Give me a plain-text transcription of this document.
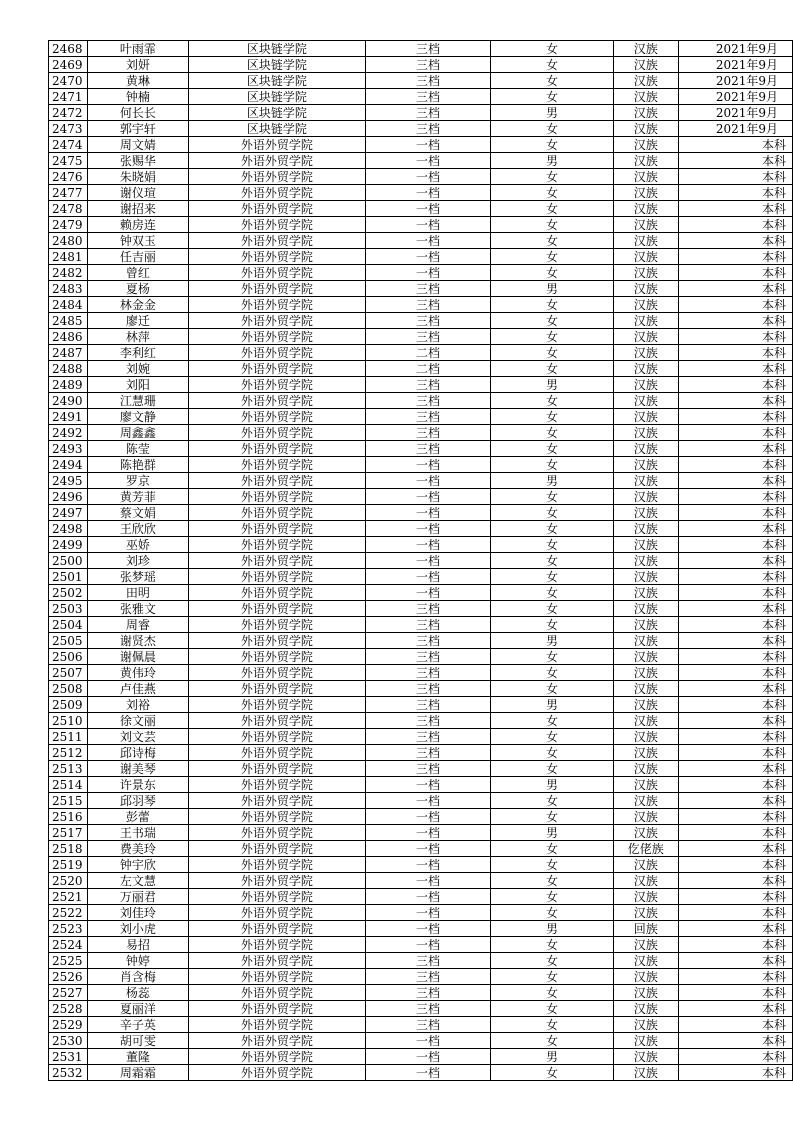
2468	叶雨霏	区块链学院	三档	女	汉族	2021年9月
2469	刘妍	区块链学院	三档	女	汉族	2021年9月
2470	黄琳	区块链学院	三档	女	汉族	2021年9月
2471	钟楠	区块链学院	三档	女	汉族	2021年9月
2472	何长长	区块链学院	三档	男	汉族	2021年9月
2473	郭宇轩	区块链学院	三档	女	汉族	2021年9月
2474	周文婧	外语外贸学院	一档	女	汉族	本科
2475	张赐华	外语外贸学院	一档	男	汉族	本科
2476	朱晓娟	外语外贸学院	一档	女	汉族	本科
2477	谢仪瑄	外语外贸学院	一档	女	汉族	本科
2478	谢招来	外语外贸学院	一档	女	汉族	本科
2479	赖房连	外语外贸学院	一档	女	汉族	本科
2480	钟双玉	外语外贸学院	一档	女	汉族	本科
2481	任吉丽	外语外贸学院	一档	女	汉族	本科
2482	曾红	外语外贸学院	一档	女	汉族	本科
2483	夏杨	外语外贸学院	三档	男	汉族	本科
2484	林金金	外语外贸学院	三档	女	汉族	本科
2485	廖迁	外语外贸学院	三档	女	汉族	本科
2486	林萍	外语外贸学院	三档	女	汉族	本科
2487	李利红	外语外贸学院	二档	女	汉族	本科
2488	刘婉	外语外贸学院	二档	女	汉族	本科
2489	刘阳	外语外贸学院	三档	男	汉族	本科
2490	江慧珊	外语外贸学院	三档	女	汉族	本科
2491	廖文静	外语外贸学院	三档	女	汉族	本科
2492	周鑫鑫	外语外贸学院	三档	女	汉族	本科
2493	陈莹	外语外贸学院	三档	女	汉族	本科
2494	陈艳群	外语外贸学院	一档	女	汉族	本科
2495	罗京	外语外贸学院	一档	男	汉族	本科
2496	黄芳菲	外语外贸学院	一档	女	汉族	本科
2497	蔡文娟	外语外贸学院	一档	女	汉族	本科
2498	王欣欣	外语外贸学院	一档	女	汉族	本科
2499	巫娇	外语外贸学院	一档	女	汉族	本科
2500	刘珍	外语外贸学院	一档	女	汉族	本科
2501	张梦瑶	外语外贸学院	一档	女	汉族	本科
2502	田明	外语外贸学院	一档	女	汉族	本科
2503	张雅文	外语外贸学院	三档	女	汉族	本科
2504	周睿	外语外贸学院	三档	女	汉族	本科
2505	谢贤杰	外语外贸学院	三档	男	汉族	本科
2506	谢佩晨	外语外贸学院	三档	女	汉族	本科
2507	黄伟玲	外语外贸学院	三档	女	汉族	本科
2508	卢佳燕	外语外贸学院	三档	女	汉族	本科
2509	刘裕	外语外贸学院	三档	男	汉族	本科
2510	徐文丽	外语外贸学院	三档	女	汉族	本科
2511	刘文芸	外语外贸学院	三档	女	汉族	本科
2512	邱诗梅	外语外贸学院	三档	女	汉族	本科
2513	谢美琴	外语外贸学院	三档	女	汉族	本科
2514	许景东	外语外贸学院	一档	男	汉族	本科
2515	邱羽琴	外语外贸学院	一档	女	汉族	本科
2516	彭蕾	外语外贸学院	一档	女	汉族	本科
2517	王书瑞	外语外贸学院	一档	男	汉族	本科
2518	费美玲	外语外贸学院	一档	女	仡佬族	本科
2519	钟宇欣	外语外贸学院	一档	女	汉族	本科
2520	左文慧	外语外贸学院	一档	女	汉族	本科
2521	万丽君	外语外贸学院	一档	女	汉族	本科
2522	刘佳玲	外语外贸学院	一档	女	汉族	本科
2523	刘小虎	外语外贸学院	一档	男	回族	本科
2524	易招	外语外贸学院	一档	女	汉族	本科
2525	钟婷	外语外贸学院	三档	女	汉族	本科
2526	肖含梅	外语外贸学院	三档	女	汉族	本科
2527	杨蕊	外语外贸学院	三档	女	汉族	本科
2528	夏丽洋	外语外贸学院	三档	女	汉族	本科
2529	辛子英	外语外贸学院	三档	女	汉族	本科
2530	胡可雯	外语外贸学院	一档	女	汉族	本科
2531	董隆	外语外贸学院	一档	男	汉族	本科
2532	周霜霜	外语外贸学院	一档	女	汉族	本科
